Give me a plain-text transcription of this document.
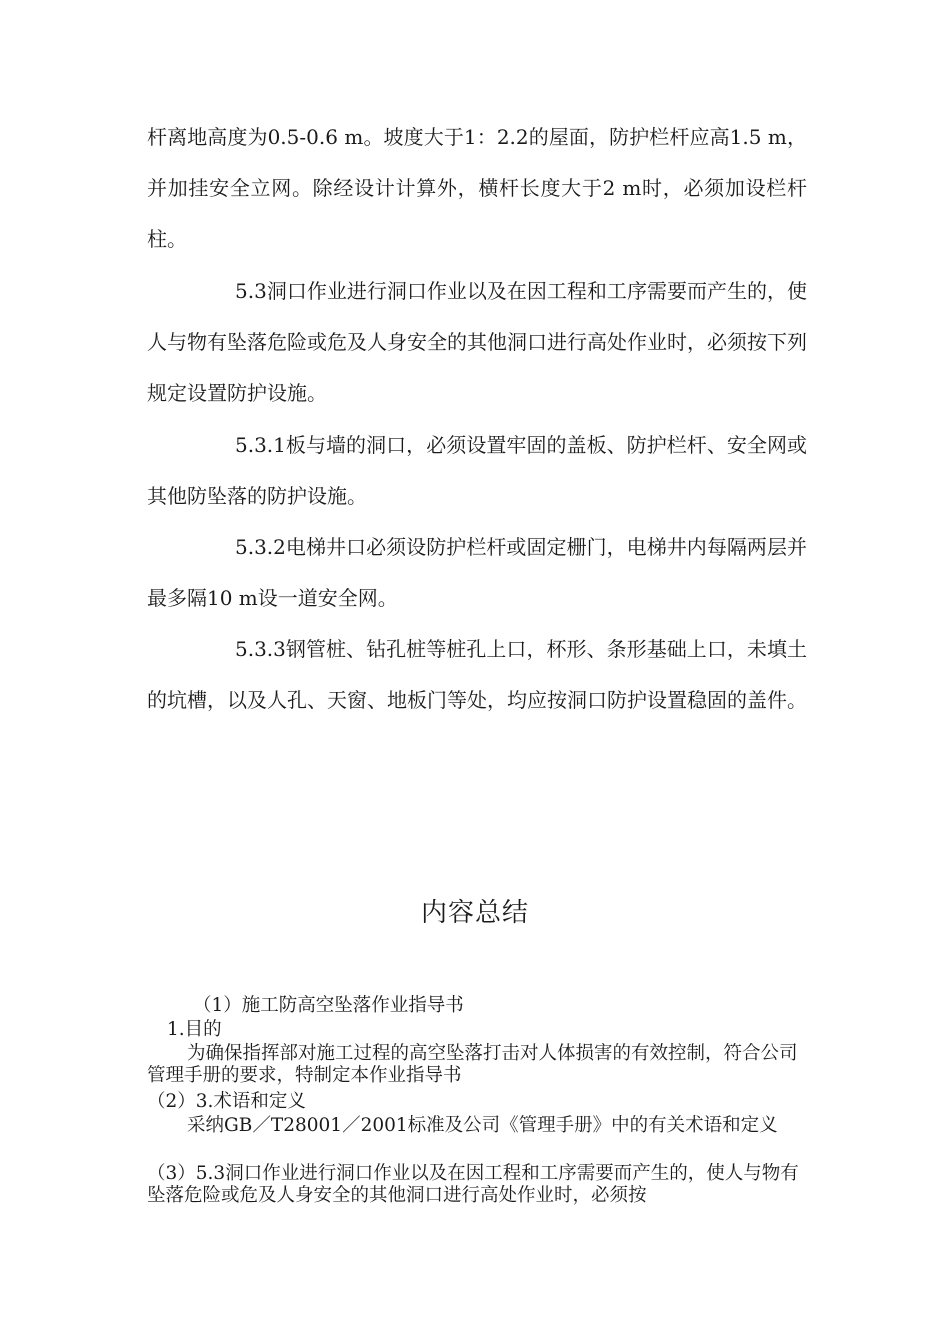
杆离地高度为0.5-0.6 m。坡度大于1：2.2的屋面，防护栏杆应高1.5 m，并加挂安全立网。除经设计计算外，横杆长度大于2 m时，必须加设栏杆柱。

5.3洞口作业进行洞口作业以及在因工程和工序需要而产生的，使人与物有坠落危险或危及人身安全的其他洞口进行高处作业时，必须按下列规定设置防护设施。

5.3.1板与墙的洞口，必须设置牢固的盖板、防护栏杆、安全网或其他防坠落的防护设施。

5.3.2电梯井口必须设防护栏杆或固定栅门，电梯井内每隔两层并最多隔10 m设一道安全网。

5.3.3钢管桩、钻孔桩等桩孔上口，杯形、条形基础上口，未填土的坑槽，以及人孔、天窗、地板门等处，均应按洞口防护设置稳固的盖件。

内容总结

（1）施工防高空坠落作业指导书

1.目的

为确保指挥部对施工过程的高空坠落打击对人体损害的有效控制，符合公司管理手册的要求，特制定本作业指导书

（2）3.术语和定义

采纳GB／T28001／2001标准及公司《管理手册》中的有关术语和定义

（3）5.3洞口作业进行洞口作业以及在因工程和工序需要而产生的，使人与物有坠落危险或危及人身安全的其他洞口进行高处作业时，必须按
